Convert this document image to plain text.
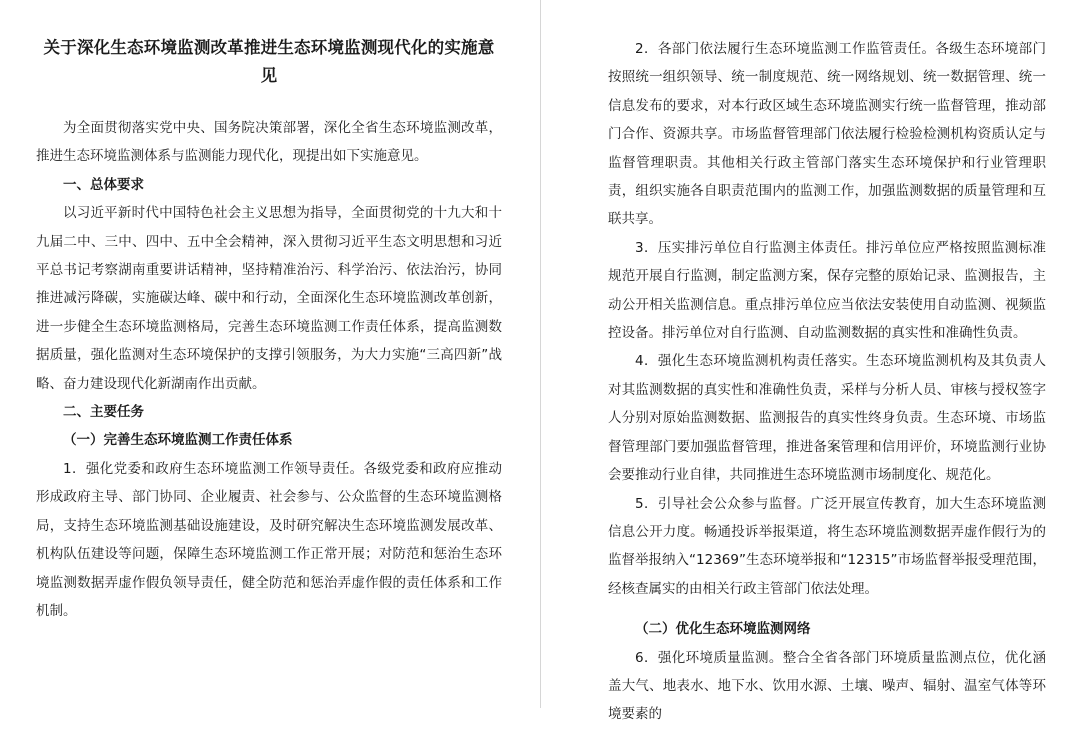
关于深化生态环境监测改革推进生态环境监测现代化的实施意见

为全面贯彻落实党中央、国务院决策部署，深化全省生态环境监测改革，推进生态环境监测体系与监测能力现代化，现提出如下实施意见。

一、总体要求

以习近平新时代中国特色社会主义思想为指导，全面贯彻党的十九大和十九届二中、三中、四中、五中全会精神，深入贯彻习近平生态文明思想和习近平总书记考察湖南重要讲话精神，坚持精准治污、科学治污、依法治污，协同推进减污降碳，实施碳达峰、碳中和行动，全面深化生态环境监测改革创新，进一步健全生态环境监测格局，完善生态环境监测工作责任体系，提高监测数据质量，强化监测对生态环境保护的支撑引领服务，为大力实施“三高四新”战略、奋力建设现代化新湖南作出贡献。

二、主要任务

（一）完善生态环境监测工作责任体系

1．强化党委和政府生态环境监测工作领导责任。各级党委和政府应推动形成政府主导、部门协同、企业履责、社会参与、公众监督的生态环境监测格局，支持生态环境监测基础设施建设，及时研究解决生态环境监测发展改革、机构队伍建设等问题，保障生态环境监测工作正常开展；对防范和惩治生态环境监测数据弄虚作假负领导责任，健全防范和惩治弄虚作假的责任体系和工作机制。

2．各部门依法履行生态环境监测工作监管责任。各级生态环境部门按照统一组织领导、统一制度规范、统一网络规划、统一数据管理、统一信息发布的要求，对本行政区域生态环境监测实行统一监督管理，推动部门合作、资源共享。市场监督管理部门依法履行检验检测机构资质认定与监督管理职责。其他相关行政主管部门落实生态环境保护和行业管理职责，组织实施各自职责范围内的监测工作，加强监测数据的质量管理和互联共享。

3．压实排污单位自行监测主体责任。排污单位应严格按照监测标准规范开展自行监测，制定监测方案，保存完整的原始记录、监测报告，主动公开相关监测信息。重点排污单位应当依法安装使用自动监测、视频监控设备。排污单位对自行监测、自动监测数据的真实性和准确性负责。

4．强化生态环境监测机构责任落实。生态环境监测机构及其负责人对其监测数据的真实性和准确性负责，采样与分析人员、审核与授权签字人分别对原始监测数据、监测报告的真实性终身负责。生态环境、市场监督管理部门要加强监督管理，推进备案管理和信用评价，环境监测行业协会要推动行业自律，共同推进生态环境监测市场制度化、规范化。

5．引导社会公众参与监督。广泛开展宣传教育，加大生态环境监测信息公开力度。畅通投诉举报渠道，将生态环境监测数据弄虚作假行为的监督举报纳入“12369”生态环境举报和“12315”市场监督举报受理范围，经核查属实的由相关行政主管部门依法处理。

（二）优化生态环境监测网络

6．强化环境质量监测。整合全省各部门环境质量监测点位，优化涵盖大气、地表水、地下水、饮用水源、土壤、噪声、辐射、温室气体等环境要素的
